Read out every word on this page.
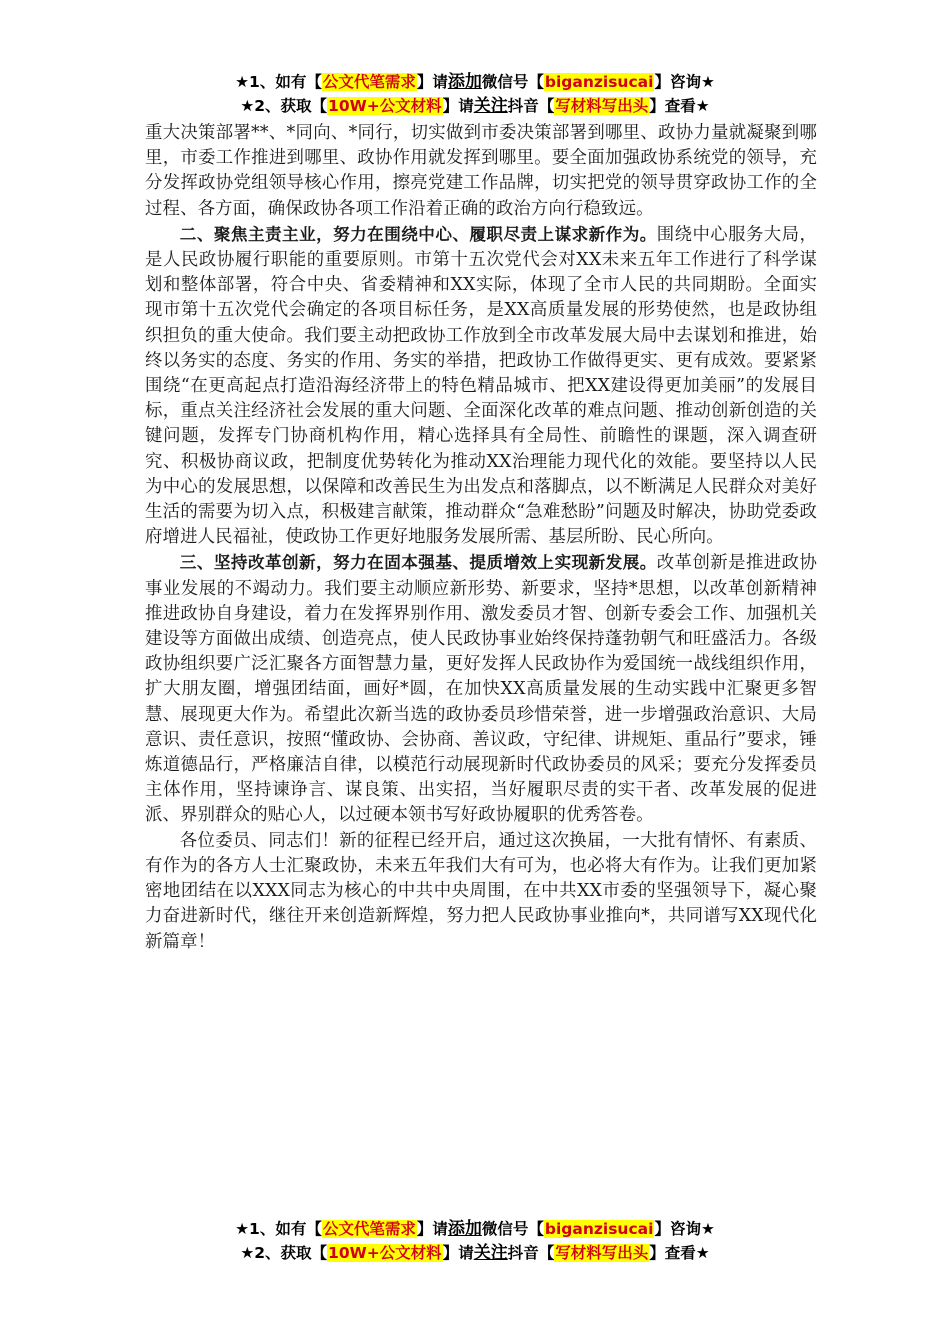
★1、如有【公文代笔需求】请添加微信号【biganzisucai】咨询★
★2、获取【10W+公文材料】请关注抖音【写材料写出头】查看★

重大决策部署**、*同向、*同行，切实做到市委决策部署到哪里、政协力量就凝聚到哪里，市委工作推进到哪里、政协作用就发挥到哪里。要全面加强政协系统党的领导，充分发挥政协党组领导核心作用，擦亮党建工作品牌，切实把党的领导贯穿政协工作的全过程、各方面，确保政协各项工作沿着正确的政治方向行稳致远。

二、聚焦主责主业，努力在围绕中心、履职尽责上谋求新作为。围绕中心服务大局，是人民政协履行职能的重要原则。市第十五次党代会对XX未来五年工作进行了科学谋划和整体部署，符合中央、省委精神和XX实际，体现了全市人民的共同期盼。全面实现市第十五次党代会确定的各项目标任务，是XX高质量发展的形势使然，也是政协组织担负的重大使命。我们要主动把政协工作放到全市改革发展大局中去谋划和推进，始终以务实的态度、务实的作用、务实的举措，把政协工作做得更实、更有成效。要紧紧围绕“在更高起点打造沿海经济带上的特色精品城市、把XX建设得更加美丽”的发展目标，重点关注经济社会发展的重大问题、全面深化改革的难点问题、推动创新创造的关键问题，发挥专门协商机构作用，精心选择具有全局性、前瞻性的课题，深入调查研究、积极协商议政，把制度优势转化为推动XX治理能力现代化的效能。要坚持以人民为中心的发展思想，以保障和改善民生为出发点和落脚点，以不断满足人民群众对美好生活的需要为切入点，积极建言献策，推动群众“急难愁盼”问题及时解决，协助党委政府增进人民福祉，使政协工作更好地服务发展所需、基层所盼、民心所向。

三、坚持改革创新，努力在固本强基、提质增效上实现新发展。改革创新是推进政协事业发展的不竭动力。我们要主动顺应新形势、新要求，坚持*思想，以改革创新精神推进政协自身建设，着力在发挥界别作用、激发委员才智、创新专委会工作、加强机关建设等方面做出成绩、创造亮点，使人民政协事业始终保持蓬勃朝气和旺盛活力。各级政协组织要广泛汇聚各方面智慧力量，更好发挥人民政协作为爱国统一战线组织作用，扩大朋友圈，增强团结面，画好*圆，在加快XX高质量发展的生动实践中汇聚更多智慧、展现更大作为。希望此次新当选的政协委员珍惜荣誉，进一步增强政治意识、大局意识、责任意识，按照“懂政协、会协商、善议政，守纪律、讲规矩、重品行”要求，锤炼道德品行，严格廉洁自律，以模范行动展现新时代政协委员的风采；要充分发挥委员主体作用，坚持谏诤言、谋良策、出实招，当好履职尽责的实干者、改革发展的促进派、界别群众的贴心人，以过硬本领书写好政协履职的优秀答卷。

各位委员、同志们！新的征程已经开启，通过这次换届，一大批有情怀、有素质、有作为的各方人士汇聚政协，未来五年我们大有可为，也必将大有作为。让我们更加紧密地团结在以XXX同志为核心的中共中央周围，在中共XX市委的坚强领导下，凝心聚力奋进新时代，继往开来创造新辉煌，努力把人民政协事业推向*，共同谱写XX现代化新篇章！

★1、如有【公文代笔需求】请添加微信号【biganzisucai】咨询★
★2、获取【10W+公文材料】请关注抖音【写材料写出头】查看★
